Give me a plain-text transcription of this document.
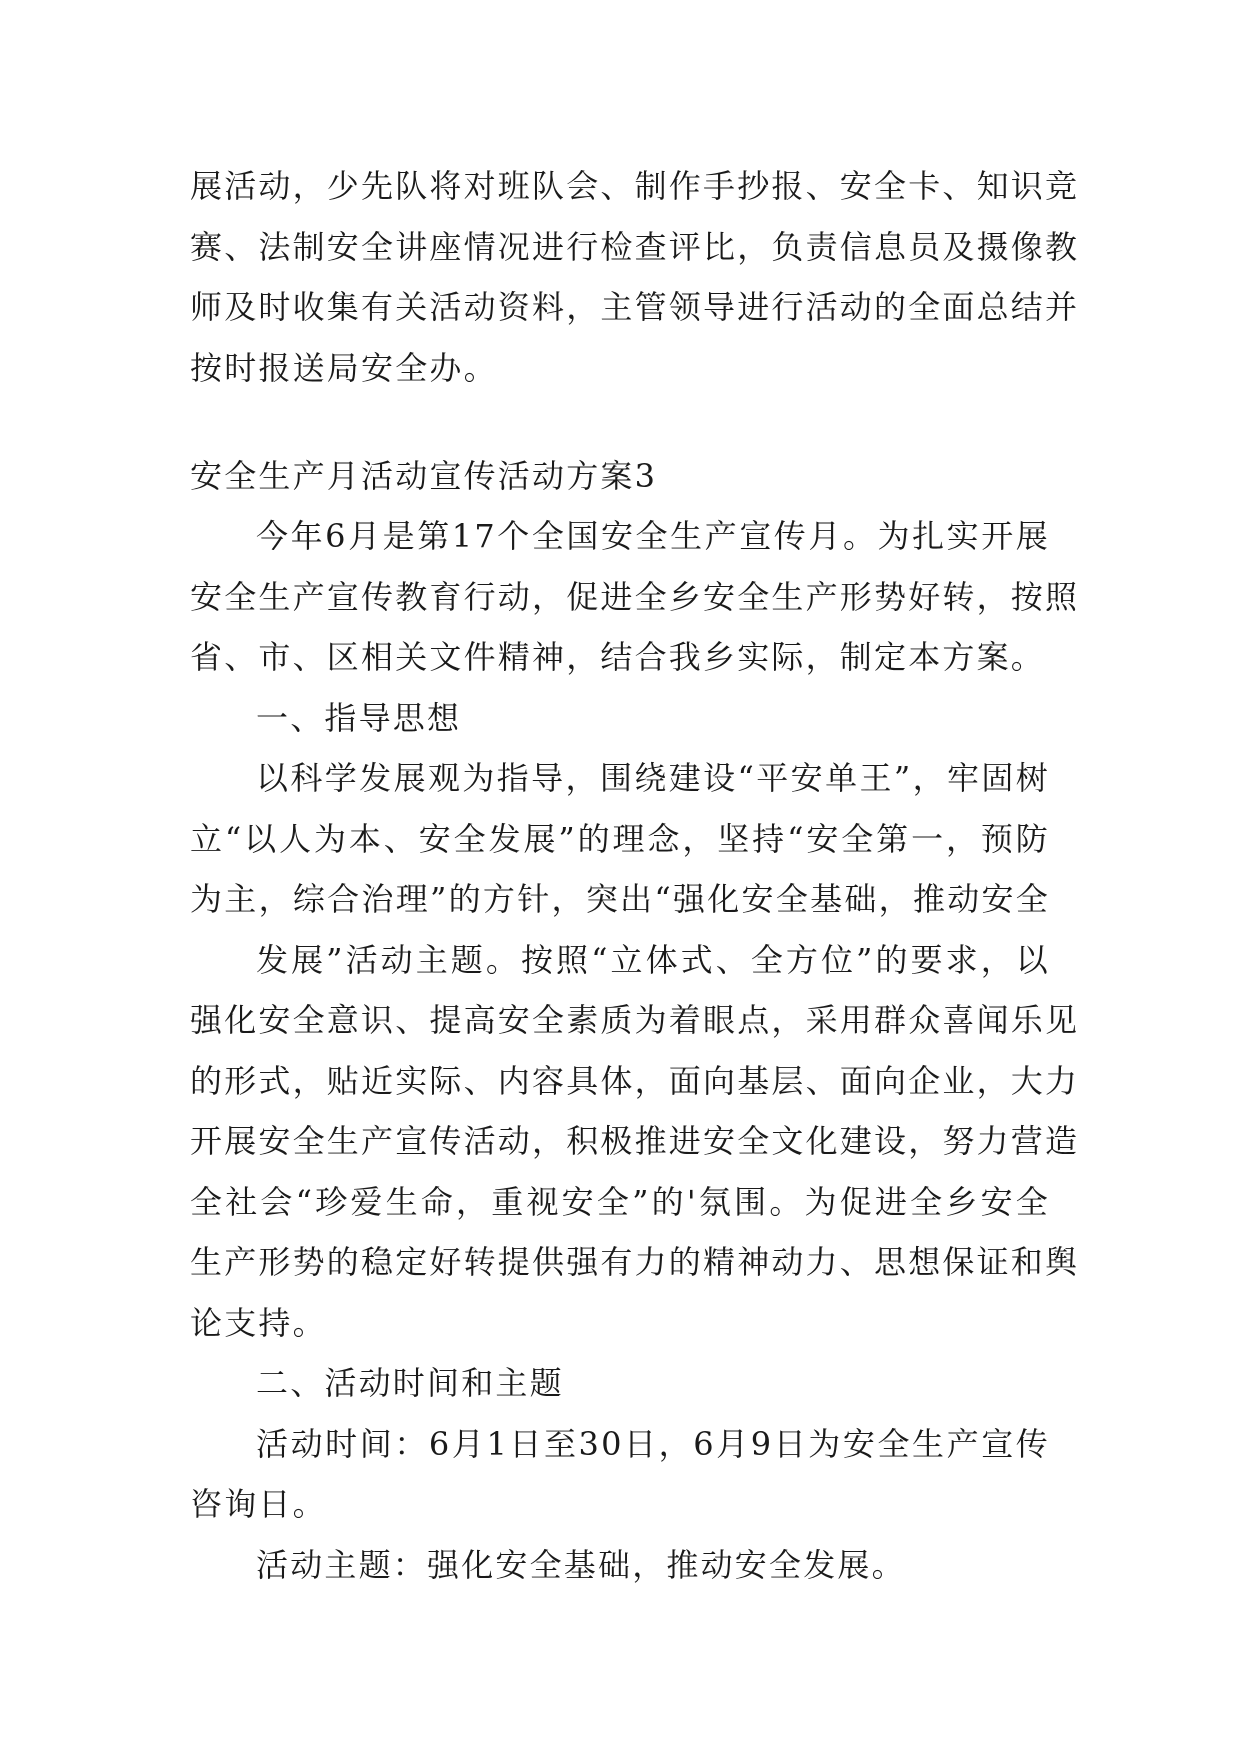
展活动，少先队将对班队会、制作手抄报、安全卡、知识竞

赛、法制安全讲座情况进行检查评比，负责信息员及摄像教

师及时收集有关活动资料，主管领导进行活动的全面总结并

按时报送局安全办。

安全生产月活动宣传活动方案3

今年6月是第17个全国安全生产宣传月。为扎实开展

安全生产宣传教育行动，促进全乡安全生产形势好转，按照

省、市、区相关文件精神，结合我乡实际，制定本方案。

一、指导思想

以科学发展观为指导，围绕建设“平安单王”，牢固树

立“以人为本、安全发展”的理念，坚持“安全第一，预防

为主，综合治理”的方针，突出“强化安全基础，推动安全

发展”活动主题。按照“立体式、全方位”的要求，以

强化安全意识、提高安全素质为着眼点，采用群众喜闻乐见

的形式，贴近实际、内容具体，面向基层、面向企业，大力

开展安全生产宣传活动，积极推进安全文化建设，努力营造

全社会“珍爱生命，重视安全”的'氛围。为促进全乡安全

生产形势的稳定好转提供强有力的精神动力、思想保证和舆

论支持。

二、活动时间和主题

活动时间：6月1日至30日，6月9日为安全生产宣传

咨询日。

活动主题：强化安全基础，推动安全发展。
